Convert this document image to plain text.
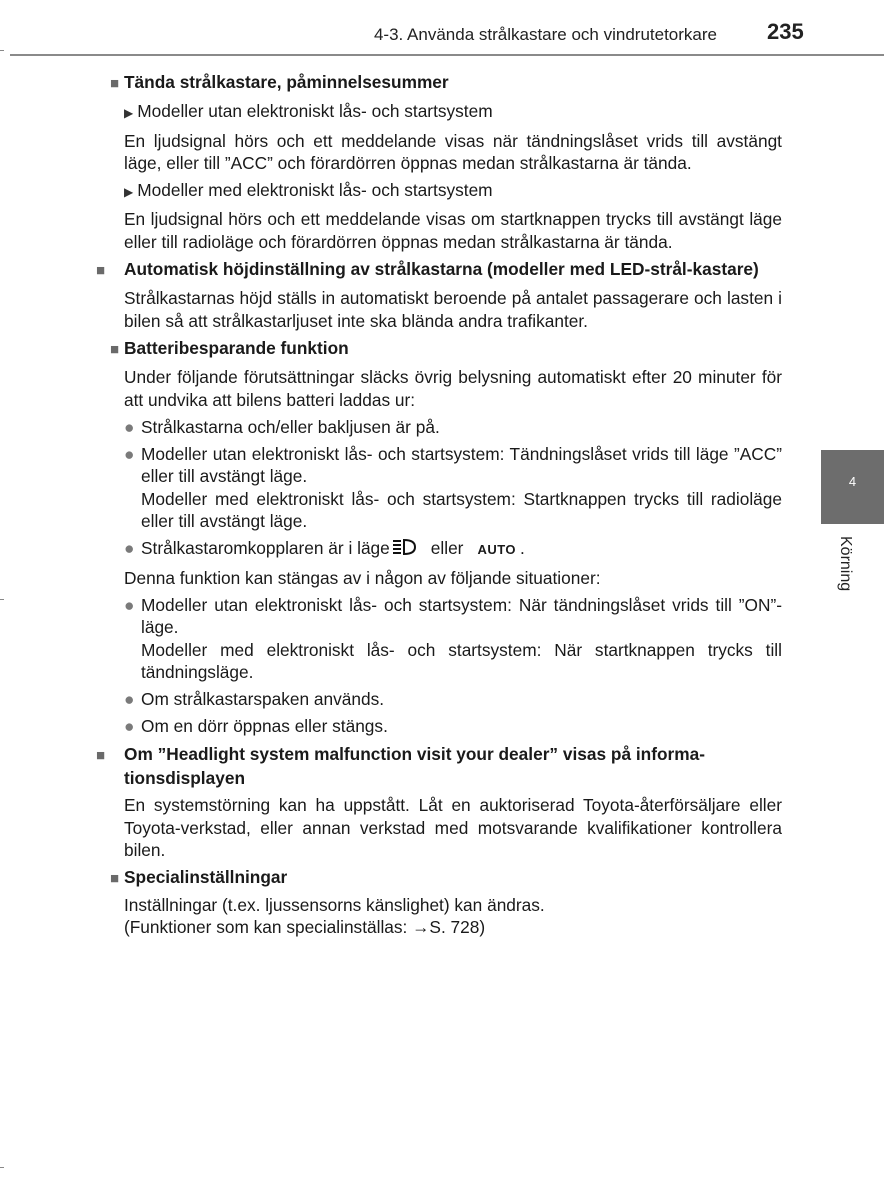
4-3. Använda strålkastare och vindrutetorkare 235
4
Körning
■ Tända strålkastare, påminnelsesummer
▶ Modeller utan elektroniskt lås- och startsystem
En ljudsignal hörs och ett meddelande visas när tändningslåset vrids till avstängt läge, eller till ”ACC” och förardörren öppnas medan strålkastarna är tända.
▶ Modeller med elektroniskt lås- och startsystem
En ljudsignal hörs och ett meddelande visas om startknappen trycks till avstängt läge eller till radioläge och förardörren öppnas medan strålkastarna är tända.
■ Automatisk höjdinställning av strålkastarna (modeller med LED-strål-kastare)
Strålkastarnas höjd ställs in automatiskt beroende på antalet passagerare och lasten i bilen så att strålkastarljuset inte ska blända andra trafikanter.
■ Batteribesparande funktion
Under följande förutsättningar släcks övrig belysning automatiskt efter 20 minuter för att undvika att bilens batteri laddas ur:
● Strålkastarna och/eller bakljusen är på.
● Modeller utan elektroniskt lås- och startsystem: Tändningslåset vrids till läge ”ACC” eller till avstängt läge.
Modeller med elektroniskt lås- och startsystem: Startknappen trycks till radioläge eller till avstängt läge.
● Strålkastaromkopplaren är i läge eller AUTO .
Denna funktion kan stängas av i någon av följande situationer:
● Modeller utan elektroniskt lås- och startsystem: När tändningslåset vrids till ”ON”-läge.
Modeller med elektroniskt lås- och startsystem: När startknappen trycks till tändningsläge.
● Om strålkastarspaken används.
● Om en dörr öppnas eller stängs.
■ Om ”Headlight system malfunction visit your dealer” visas på informa-tionsdisplayen
En systemstörning kan ha uppstått. Låt en auktoriserad Toyota-återförsäljare eller Toyota-verkstad, eller annan verkstad med motsvarande kvalifikationer kontrollera bilen.
■ Specialinställningar
Inställningar (t.ex. ljussensorns känslighet) kan ändras.
(Funktioner som kan specialinställas: →S. 728)
